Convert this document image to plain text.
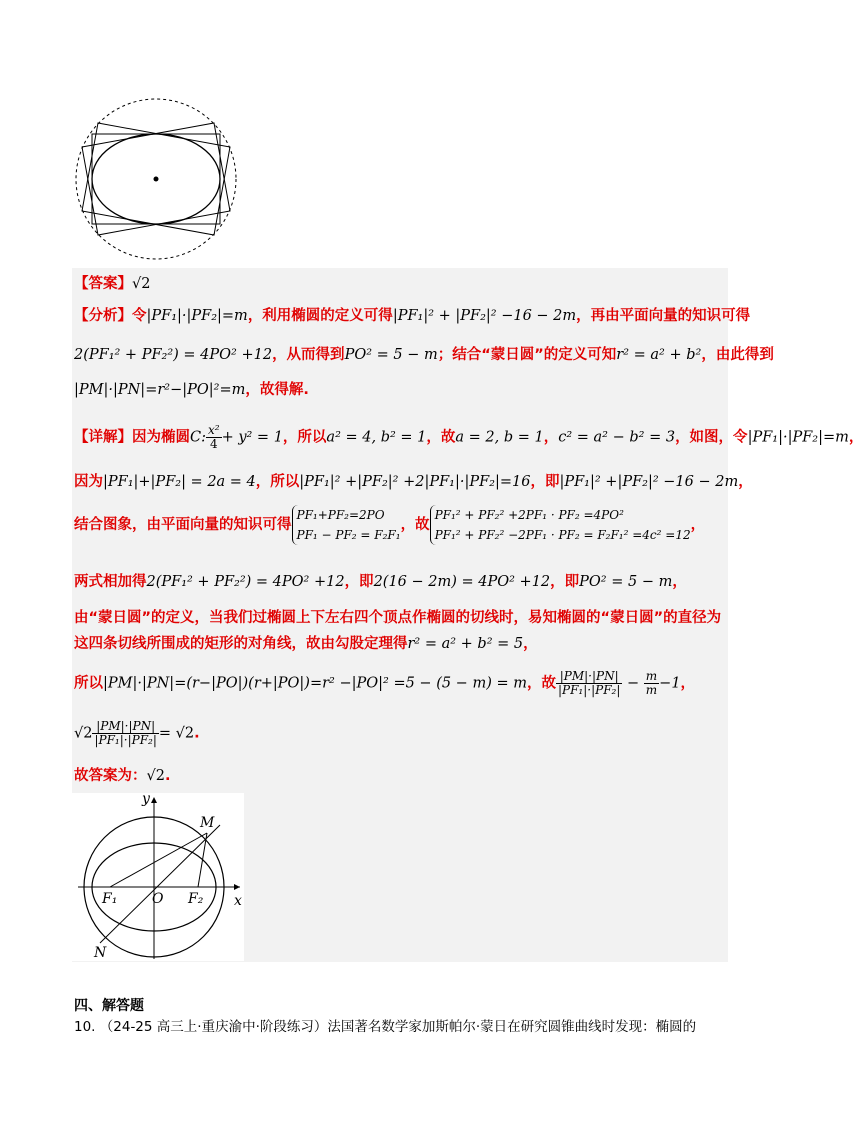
【答案】√2
【分析】令|PF₁|·|PF₂|=m，利用椭圆的定义可得|PF₁|² + |PF₂|² −16 − 2m，再由平面向量的知识可得
2(PF₁² + PF₂²) = 4PO² +12，从而得到PO² = 5 − m；结合“蒙日圆”的定义可知r² = a² + b²，由此得到
|PM|·|PN|=r²−|PO|²=m，故得解.
【详解】因为椭圆C: $\frac{\text{x²}}{4} + y^2 = 1$，所以a² = 4, b² = 1，故a = 2, b = 1，c² = a² − b² = 3，如图，令|PF₁|·|PF₂|=m，
因为|PF₁|+|PF₂| = 2a = 4，所以|PF₁|² +|PF₂|² +2|PF₁|·|PF₂|=16，即|PF₁|² +|PF₂|² −16 − 2m，
结合图象，由平面向量的知识可得
PF₁+PF₂=2PO
PF₁ − PF₂ = F₂F₁
，故
PF₁² + PF₂² +2PF₁ · PF₂ =4PO²
PF₁² + PF₂² −2PF₁ · PF₂ = F₂F₁² =4c² =12
，
两式相加得2(PF₁² + PF₂²) = 4PO² +12，即2(16 − 2m) = 4PO² +12，即PO² = 5 − m，
由“蒙日圆”的定义，当我们过椭圆上下左右四个顶点作椭圆的切线时，易知椭圆的“蒙日圆”的直径为
这四条切线所围成的矩形的对角线，故由勾股定理得r² = a² + b² = 5，
所以|PM|·|PN|=(r−|PO|)(r+|PO|)=r² −|PO|² =5 − (5 − m) = m，故 $\frac{|PM|\cdot|PN|}{\text{|PF₁|·|PF₂|}} - \frac{m}{m} -1$，
$√2 \frac{|PM|\cdot|PN|}{\text{|PF₁|·|PF₂|}} = √2$.
故答案为：√2.
y
x
M
N
O
F₁	F₂
四、解答题
10. （24-25 高三上·重庆渝中·阶段练习）法国著名数学家加斯帕尔·蒙日在研究圆锥曲线时发现：椭圆的
